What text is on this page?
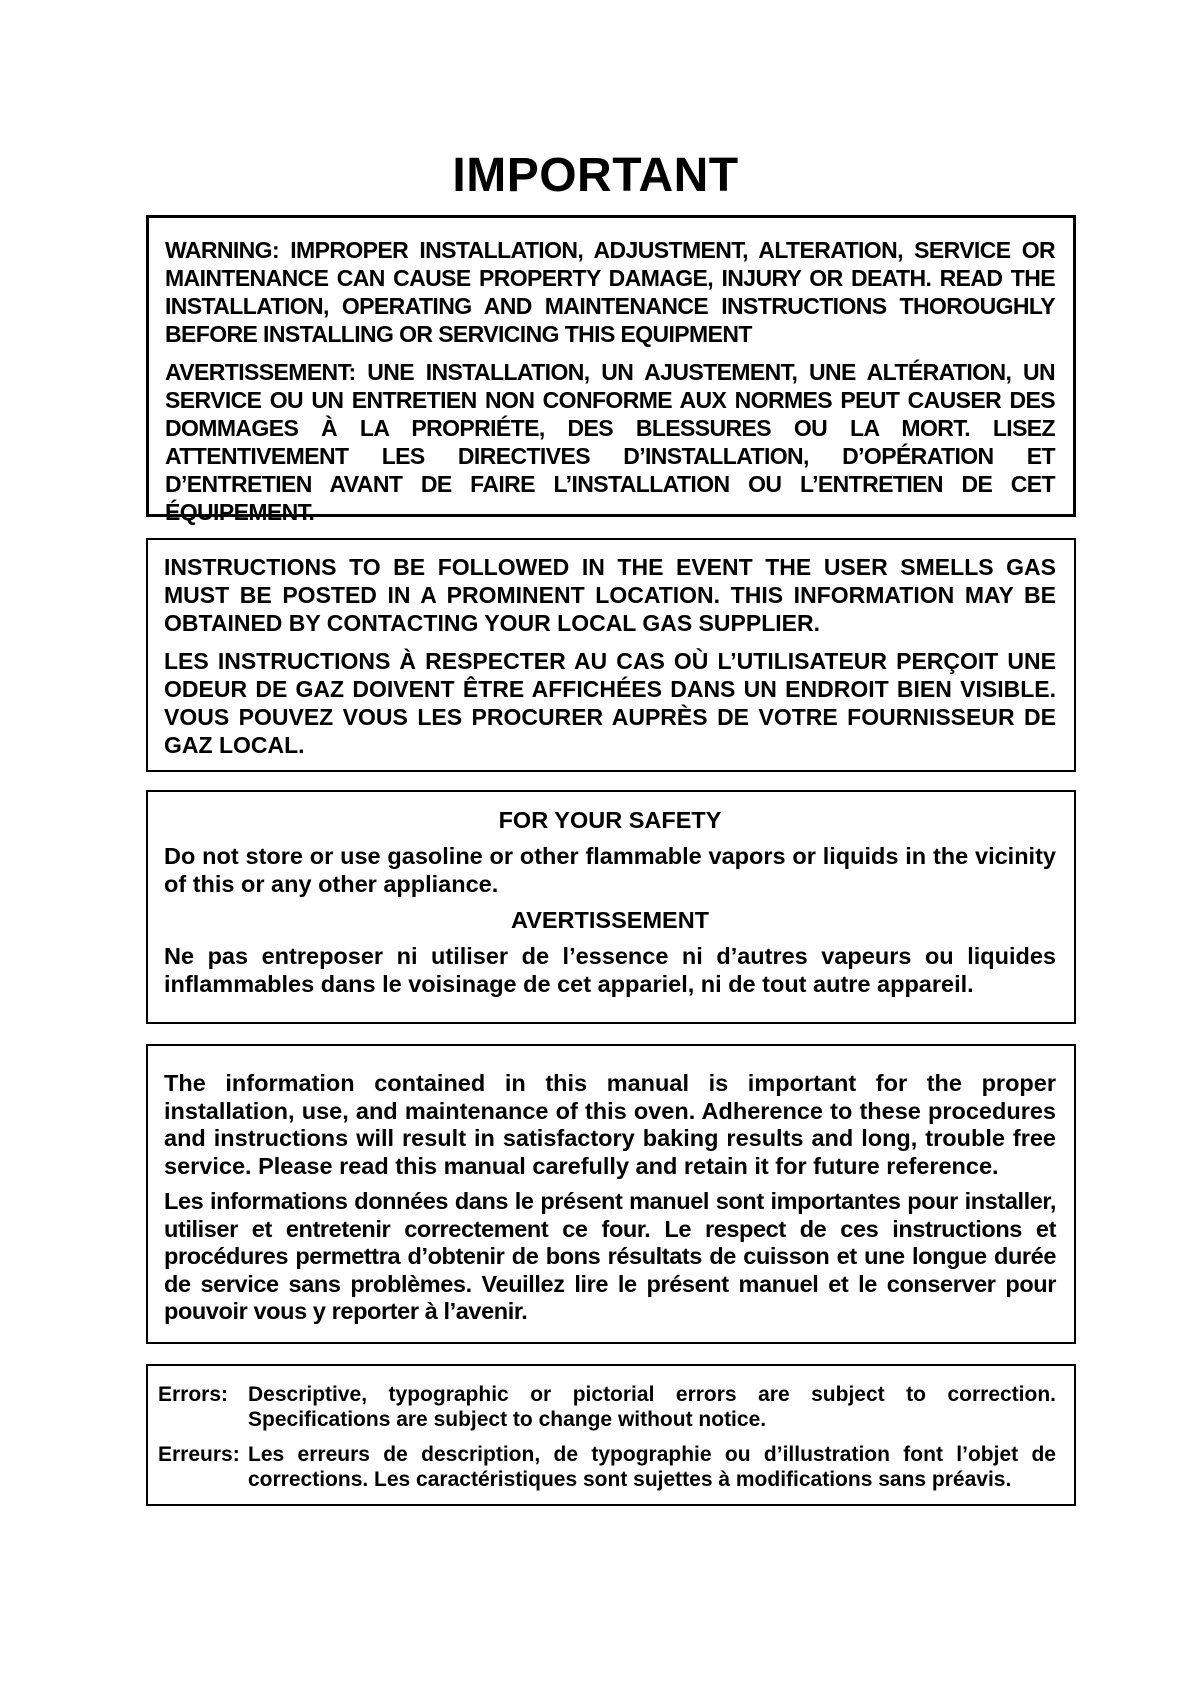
IMPORTANT

WARNING: IMPROPER INSTALLATION, ADJUSTMENT, ALTERATION, SERVICE OR MAINTENANCE CAN CAUSE PROPERTY DAMAGE, INJURY OR DEATH. READ THE INSTALLATION, OPERATING AND MAINTENANCE INSTRUCTIONS THOROUGHLY BEFORE INSTALLING OR SERVICING THIS EQUIPMENT

AVERTISSEMENT: UNE INSTALLATION, UN AJUSTEMENT, UNE ALTÉRATION, UN SERVICE OU UN ENTRETIEN NON CONFORME AUX NORMES PEUT CAUSER DES DOMMAGES À LA PROPRIÉTE, DES BLESSURES OU LA MORT. LISEZ ATTENTIVEMENT LES DIRECTIVES D’INSTALLATION, D’OPÉRATION ET D’ENTRETIEN AVANT DE FAIRE L’INSTALLATION OU L’ENTRETIEN DE CET ÉQUIPEMENT.

INSTRUCTIONS TO BE FOLLOWED IN THE EVENT THE USER SMELLS GAS MUST BE POSTED IN A PROMINENT LOCATION. THIS INFORMATION MAY BE OBTAINED BY CONTACTING YOUR LOCAL GAS SUPPLIER.

LES INSTRUCTIONS À RESPECTER AU CAS OÙ L’UTILISATEUR PERÇOIT UNE ODEUR DE GAZ DOIVENT ÊTRE AFFICHÉES DANS UN ENDROIT BIEN VISIBLE. VOUS POUVEZ VOUS LES PROCURER AUPRÈS DE VOTRE FOURNISSEUR DE GAZ LOCAL.

FOR YOUR SAFETY

Do not store or use gasoline or other flammable vapors or liquids in the vicinity of this or any other appliance.

AVERTISSEMENT

Ne pas entreposer ni utiliser de l’essence ni d’autres vapeurs ou liquides inflammables dans le voisinage de cet appariel, ni de tout autre appareil.

The information contained in this manual is important for the proper installation, use, and maintenance of this oven. Adherence to these procedures and instructions will result in satisfactory baking results and long, trouble free service. Please read this manual carefully and retain it for future reference.

Les informations données dans le présent manuel sont importantes pour installer, utiliser et entretenir correctement ce four. Le respect de ces instructions et procédures permettra d’obtenir de bons résultats de cuisson et une longue durée de service sans problèmes. Veuillez lire le présent manuel et le conserver pour pouvoir vous y reporter à l’avenir.

Errors: Descriptive, typographic or pictorial errors are subject to correction. Specifications are subject to change without notice.
Erreurs: Les erreurs de description, de typographie ou d’illustration font l’objet de corrections. Les caractéristiques sont sujettes à modifications sans préavis.
